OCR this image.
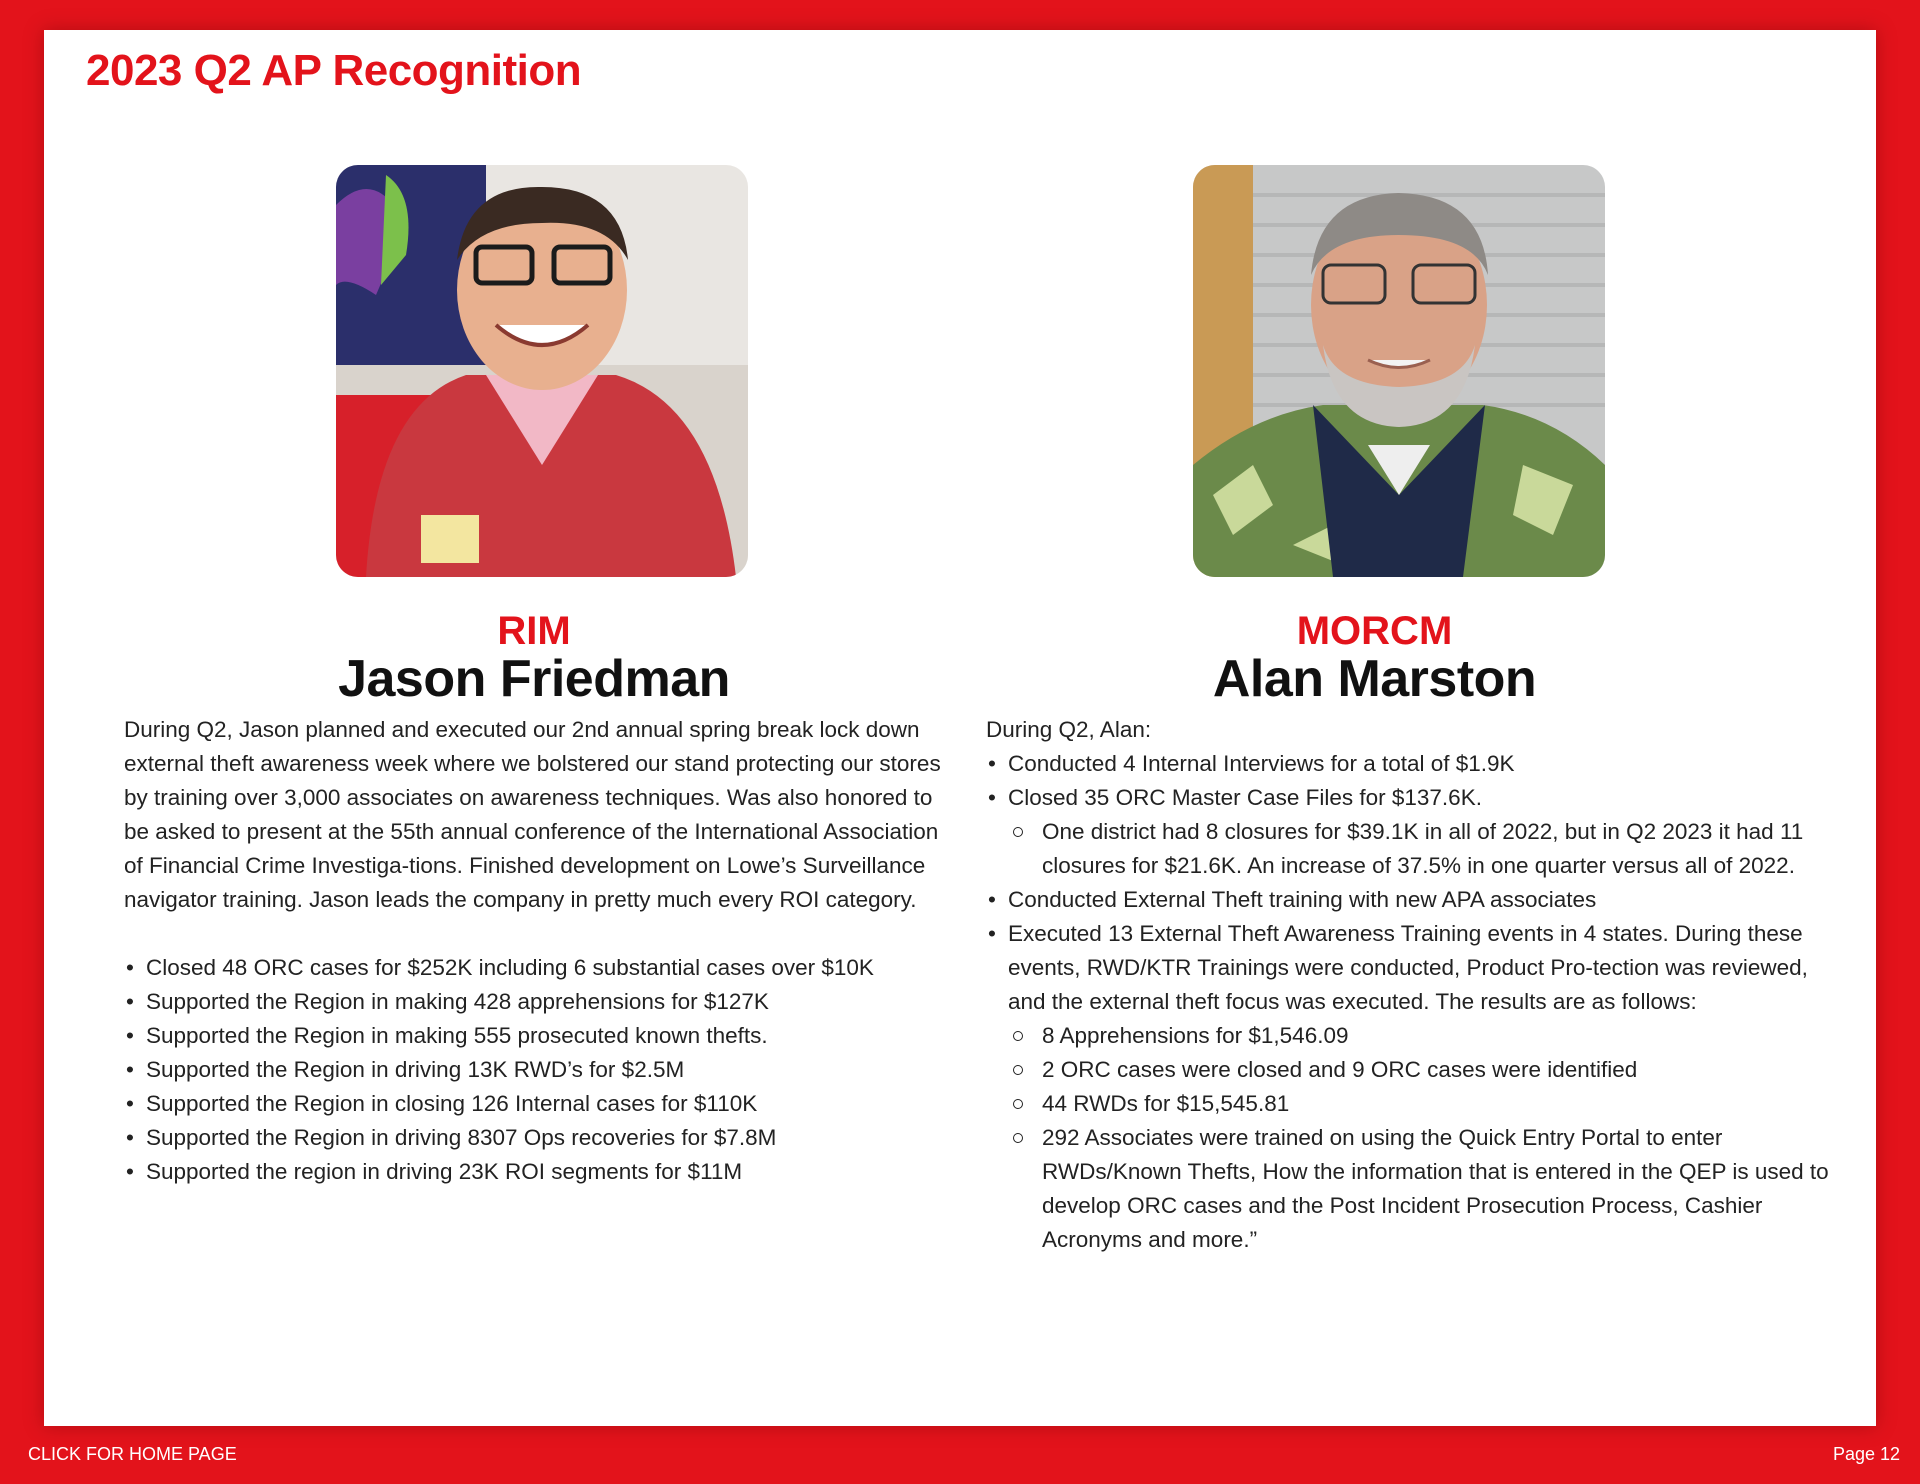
2023 Q2 AP Recognition
RIM
Jason Friedman

During Q2, Jason planned and executed our 2nd annual spring break lock down external theft awareness week where we bolstered our stand protecting our stores by training over 3,000 associates on awareness techniques. Was also honored to be asked to present at the 55th annual conference of the International Association of Financial Crime Investiga-tions. Finished development on Lowe’s Surveillance navigator training. Jason leads the company in pretty much every ROI category.

• Closed 48 ORC cases for $252K including 6 substantial cases over $10K
• Supported the Region in making 428 apprehensions for $127K
• Supported the Region in making 555 prosecuted known thefts.
• Supported the Region in driving 13K RWD’s for $2.5M
• Supported the Region in closing 126 Internal cases for $110K
• Supported the Region in driving 8307 Ops recoveries for $7.8M
• Supported the region in driving 23K ROI segments for $11M
MORCM
Alan Marston
During Q2, Alan:
• Conducted 4 Internal Interviews for a total of $1.9K
• Closed 35 ORC Master Case Files for $137.6K.
One district had 8 closures for $39.1K in all of 2022, but in Q2 2023 it had 11 closures for $21.6K. An increase of 37.5% in one quarter versus all of 2022.
• Conducted External Theft training with new APA associates
• Executed 13 External Theft Awareness Training events in 4 states. During these events, RWD/KTR Trainings were conducted, Product Pro-tection was reviewed, and the external theft focus was executed. The results are as follows:
8 Apprehensions for $1,546.09
2 ORC cases were closed and 9 ORC cases were identified
44 RWDs for $15,545.81
292 Associates were trained on using the Quick Entry Portal to enter RWDs/Known Thefts, How the information that is entered in the QEP is used to develop ORC cases and the Post Incident Prosecution Process, Cashier Acronyms and more.”
CLICK FOR HOME PAGE	Page 12
